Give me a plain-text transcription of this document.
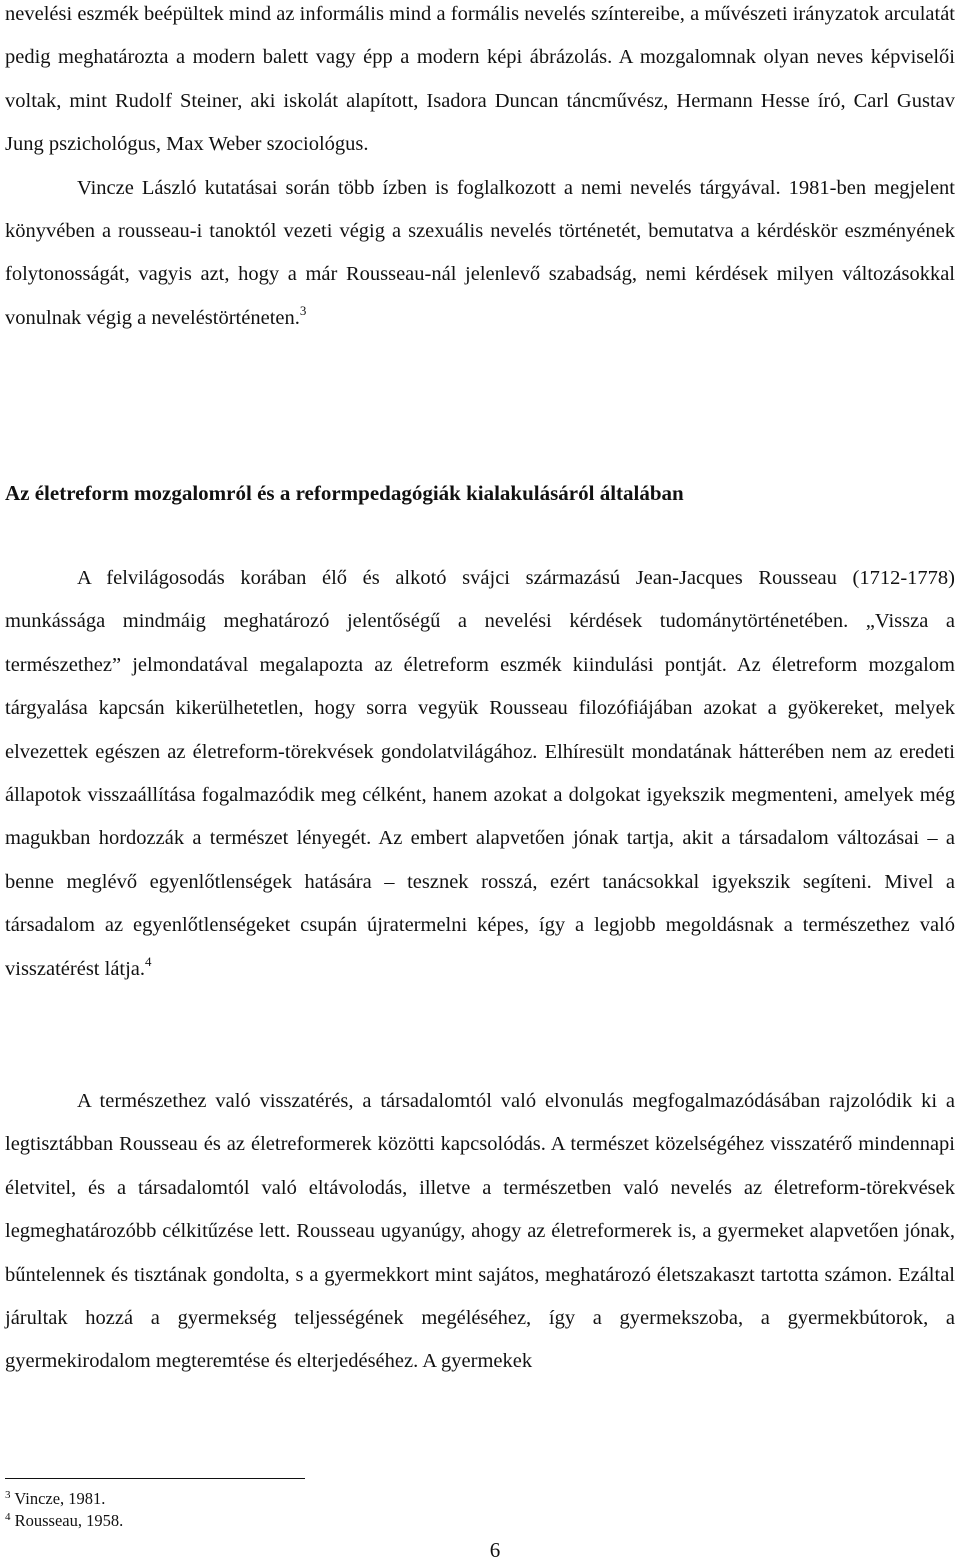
nevelési eszmék beépültek mind az informális mind a formális nevelés színtereibe, a művészeti irányzatok arculatát pedig meghatározta a modern balett vagy épp a modern képi ábrázolás. A mozgalomnak olyan neves képviselői voltak, mint Rudolf Steiner, aki iskolát alapított, Isadora Duncan táncművész, Hermann Hesse író, Carl Gustav Jung pszichológus, Max Weber szociológus.

Vincze László kutatásai során több ízben is foglalkozott a nemi nevelés tárgyával. 1981-ben megjelent könyvében a rousseau-i tanoktól vezeti végig a szexuális nevelés történetét, bemutatva a kérdéskör eszményének folytonosságát, vagyis azt, hogy a már Rousseau-nál jelenlevő szabadság, nemi kérdések milyen változásokkal vonulnak végig a neveléstörténeten.$^3$

A felvilágosodás korában élő és alkotó svájci származású Jean-Jacques Rousseau (1712-1778) munkássága mindmáig meghatározó jelentőségű a nevelési kérdések tudománytörténetében. „Vissza a természethez” jelmondatával megalapozta az életreform eszmék kiindulási pontját. Az életreform mozgalom tárgyalása kapcsán kikerülhetetlen, hogy sorra vegyük Rousseau filozófiájában azokat a gyökereket, melyek elvezettek egészen az életreform-törekvések gondolatvilágához. Elhíresült mondatának hátterében nem az eredeti állapotok visszaállítása fogalmazódik meg célként, hanem azokat a dolgokat igyekszik megmenteni, amelyek még magukban hordozzák a természet lényegét. Az embert alapvetően jónak tartja, akit a társadalom változásai – a benne meglévő egyenlőtlenségek hatására – tesznek rosszá, ezért tanácsokkal igyekszik segíteni. Mivel a társadalom az egyenlőtlenségeket csupán újratermelni képes, így a legjobb megoldásnak a természethez való visszatérést látja.$^4$

A természethez való visszatérés, a társadalomtól való elvonulás megfogalmazódásában rajzolódik ki a legtisztábban Rousseau és az életreformerek közötti kapcsolódás. A természet közelségéhez visszatérő mindennapi életvitel, és a társadalomtól való eltávolodás, illetve a természetben való nevelés az életreform-törekvések legmeghatározóbb célkitűzése lett. Rousseau ugyanúgy, ahogy az életreformerek is, a gyermeket alapvetően jónak, bűntelennek és tisztának gondolta, s a gyermekkort mint sajátos, meghatározó életszakaszt tartotta számon. Ezáltal járultak hozzá a gyermekség teljességének megéléséhez, így a gyermekszoba, a gyermekbútorok, a gyermekirodalom megteremtése és elterjedéséhez. A gyermekek

Az életreform mozgalomról és a reformpedagógiák kialakulásáról általában

$^3$ Vincze, 1981.

$^4$ Rousseau, 1958.

6
